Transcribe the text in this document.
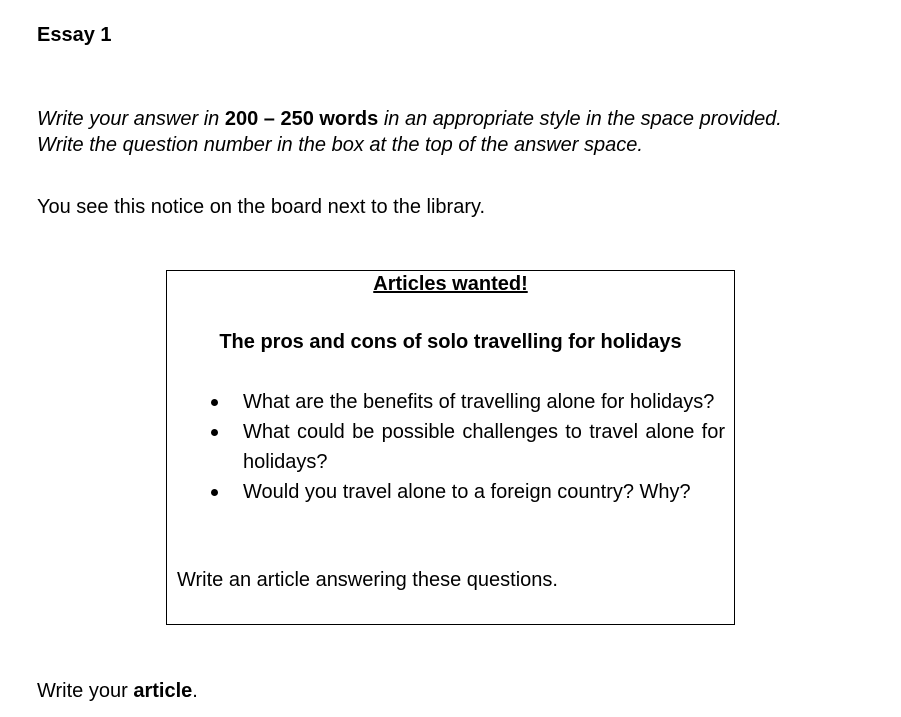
Essay 1
Write your answer in 200 – 250 words in an appropriate style in the space provided.
Write the question number in the box at the top of the answer space.
You see this notice on the board next to the library.
Articles wanted!
The pros and cons of solo travelling for holidays
What are the benefits of travelling alone for holidays?
What could be possible challenges to travel alone for holidays?
Would you travel alone to a foreign country? Why?
Write an article answering these questions.
Write your article.
